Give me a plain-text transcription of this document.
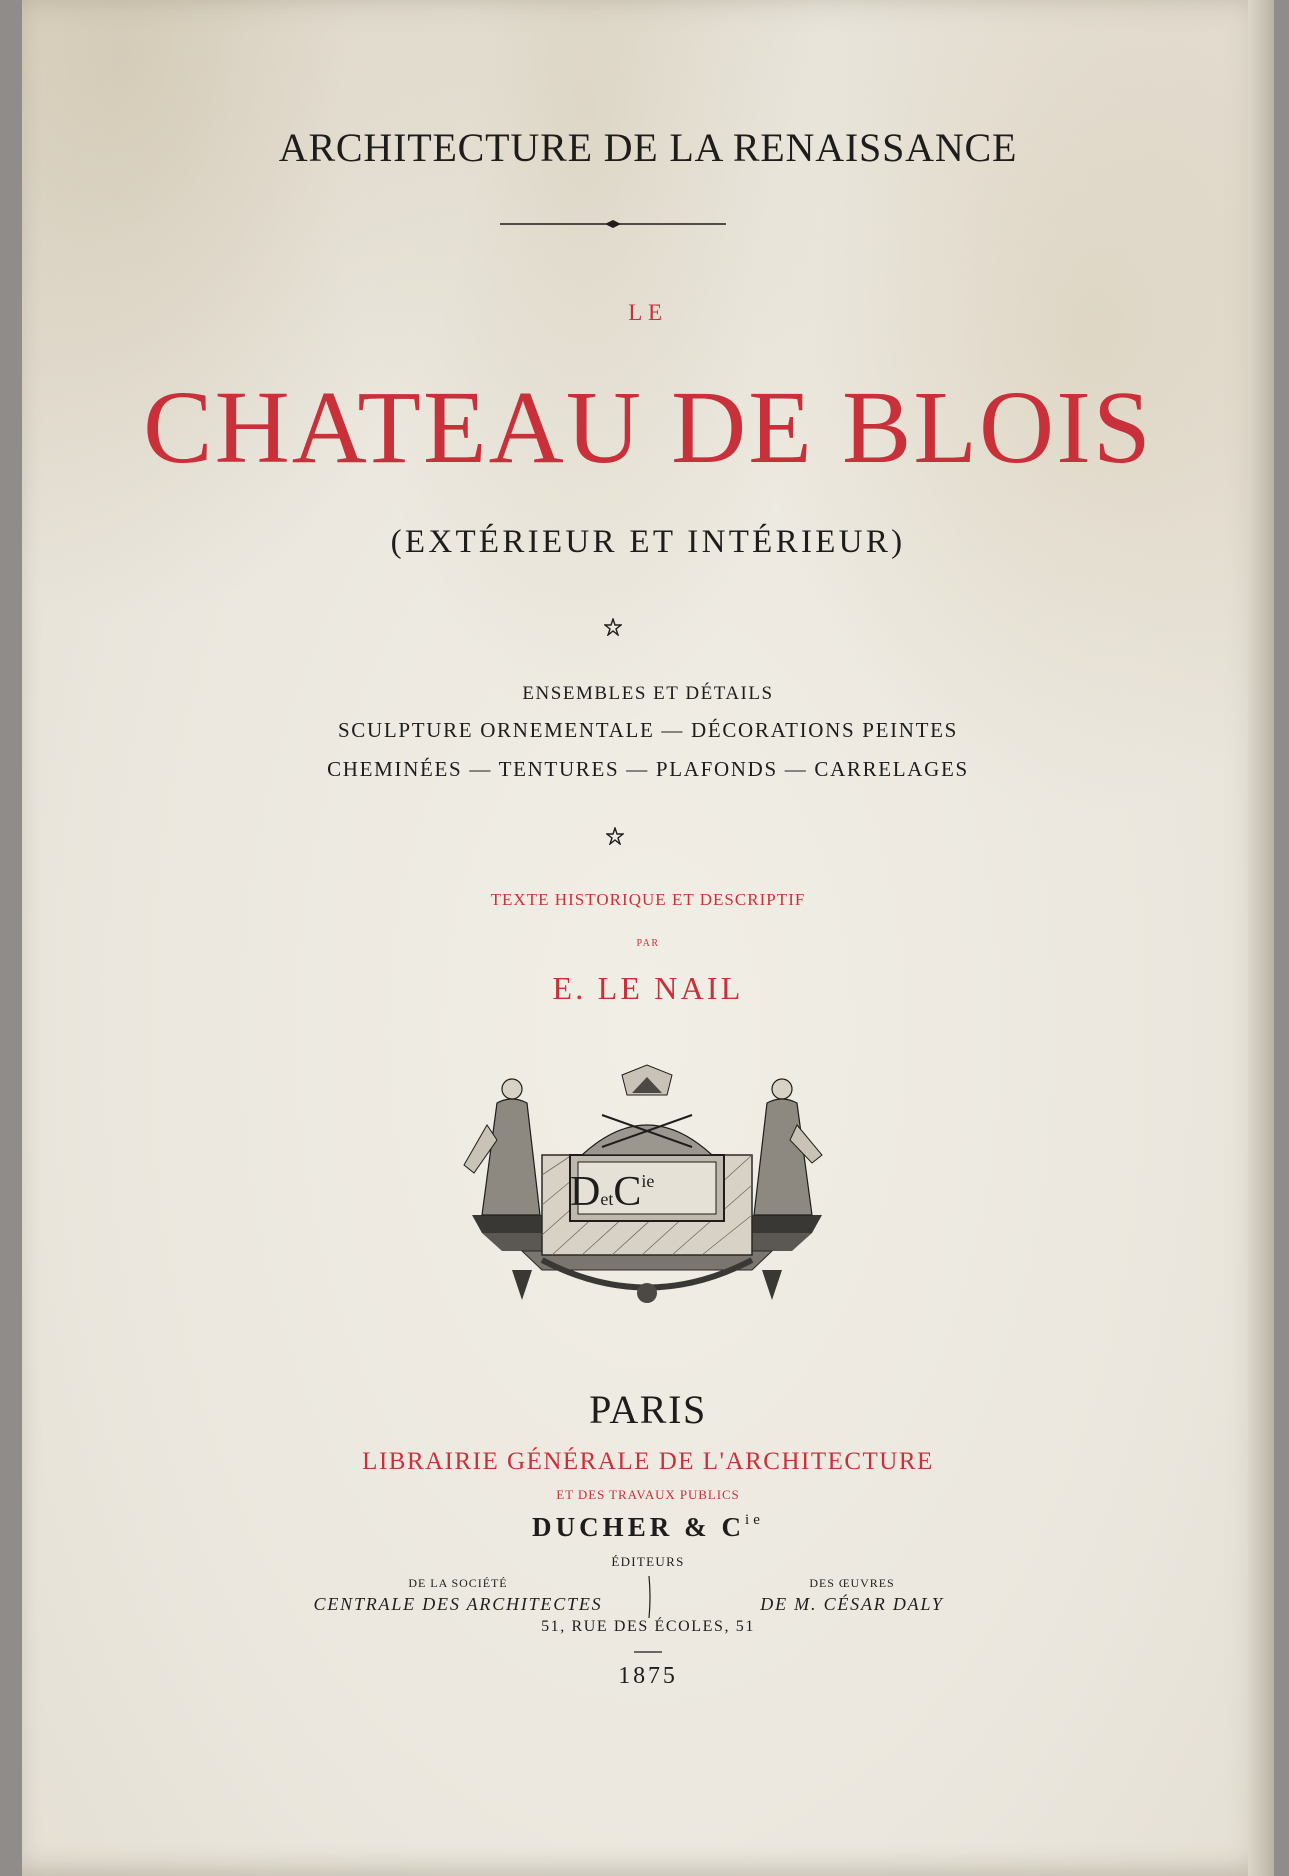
ARCHITECTURE DE LA RENAISSANCE
LE
CHATEAU DE BLOIS
(EXTÉRIEUR ET INTÉRIEUR)
ENSEMBLES ET DÉTAILS
SCULPTURE ORNEMENTALE — DÉCORATIONS PEINTES
CHEMINÉES — TENTURES — PLAFONDS — CARRELAGES
TEXTE HISTORIQUE ET DESCRIPTIF
PAR
E. LE NAIL
DetC$^{ie}$
PARIS
LIBRAIRIE GÉNÉRALE DE L'ARCHITECTURE
ET DES TRAVAUX PUBLICS
DUCHER & $C^{ie}$
ÉDITEURS
DE LA SOCIÉTÉ
CENTRALE DES ARCHITECTES
DES ŒUVRES
DE M. CÉSAR DALY
51, RUE DES ÉCOLES, 51
1875
